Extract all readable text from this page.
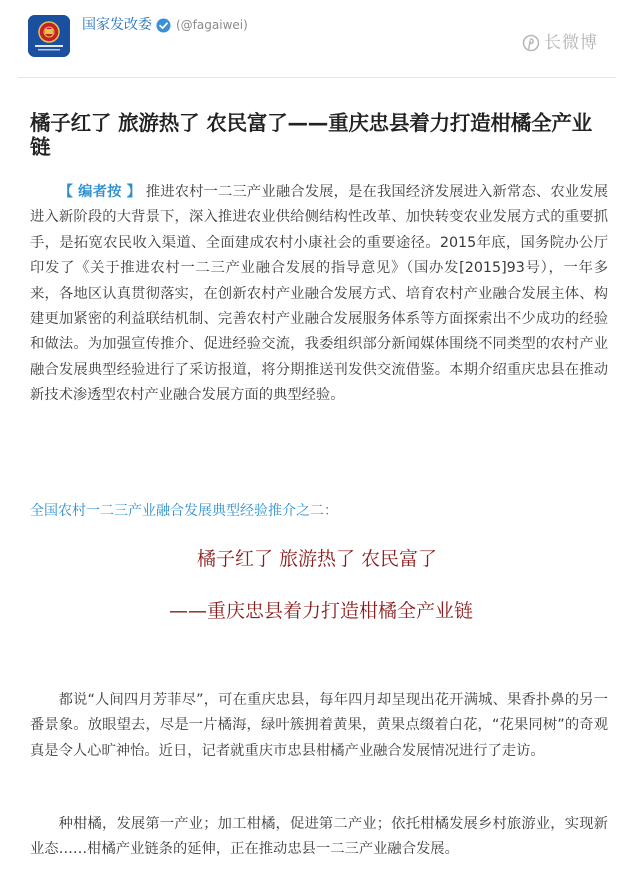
国家发改委 (@fagaiwei)
长微博
橘子红了 旅游热了 农民富了——重庆忠县着力打造柑橘全产业链

【 编者按 】 推进农村一二三产业融合发展，是在我国经济发展进入新常态、农业发展进入新阶段的大背景下，深入推进农业供给侧结构性改革、加快转变农业发展方式的重要抓手，是拓宽农民收入渠道、全面建成农村小康社会的重要途径。2015年底，国务院办公厅印发了《关于推进农村一二三产业融合发展的指导意见》（国办发[2015]93号），一年多来，各地区认真贯彻落实，在创新农村产业融合发展方式、培育农村产业融合发展主体、构建更加紧密的利益联结机制、完善农村产业融合发展服务体系等方面探索出不少成功的经验和做法。为加强宣传推介、促进经验交流，我委组织部分新闻媒体围绕不同类型的农村产业融合发展典型经验进行了采访报道，将分期推送刊发供交流借鉴。本期介绍重庆忠县在推动新技术渗透型农村产业融合发展方面的典型经验。

全国农村一二三产业融合发展典型经验推介之二：
橘子红了 旅游热了 农民富了
——重庆忠县着力打造柑橘全产业链

都说“人间四月芳菲尽”，可在重庆忠县，每年四月却呈现出花开满城、果香扑鼻的另一番景象。放眼望去，尽是一片橘海，绿叶簇拥着黄果，黄果点缀着白花，“花果同树”的奇观真是令人心旷神怡。近日，记者就重庆市忠县柑橘产业融合发展情况进行了走访。

种柑橘，发展第一产业；加工柑橘，促进第二产业；依托柑橘发展乡村旅游业，实现新业态……柑橘产业链条的延伸，正在推动忠县一二三产业融合发展。
